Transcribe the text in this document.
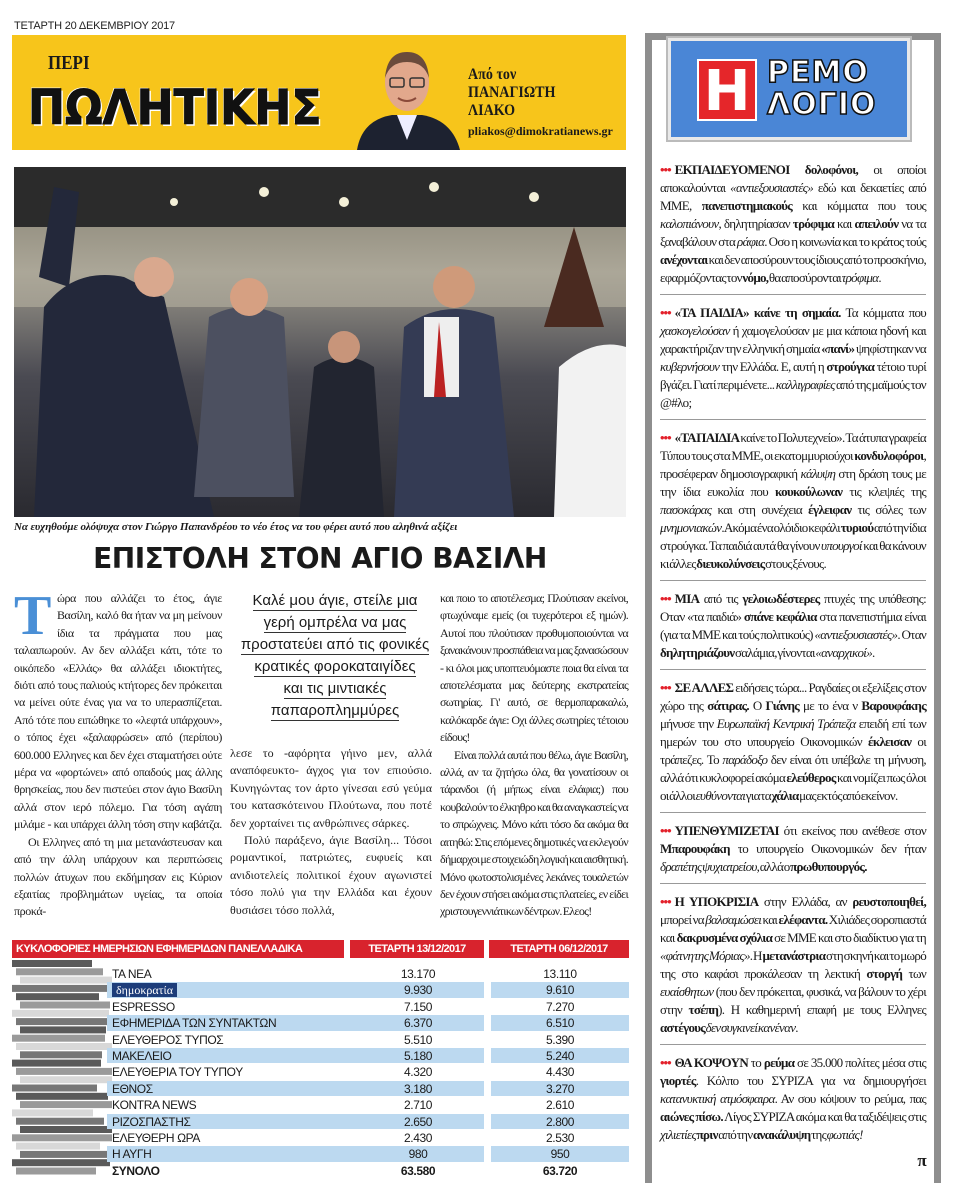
ΤΕΤΑΡΤΗ 20 ΔΕΚΕΜΒΡΙΟΥ 2017
ΠΕΡΙ
ΠΩΛΗΤΙΚΗΣ
Από τον
ΠΑΝΑΓΙΩΤΗ
ΛΙΑΚΟ
pliakos@dimokratianews.gr
Να ευχηθούμε ολόψυχα στον Γιώργο Παπανδρέου το νέο έτος να του φέρει αυτό που αληθινά αξίζει
ΕΠΙΣΤΟΛΗ ΣΤΟΝ ΑΓΙΟ ΒΑΣΙΛΗ

Τώρα που αλλάζει το έτος, άγιε Βασίλη, καλό θα ήταν να μη μείνουν ίδια τα πράγματα που μας ταλαιπωρούν. Αν δεν αλλάξει κάτι, τότε το οικόπεδο «Ελλάς» θα αλλάξει ιδιοκτήτες, διότι από τους παλιούς κτήτορες δεν πρόκειται να μείνει ούτε ένας για να το υπερασπίζεται. Από τότε που ειπώθηκε το «λεφτά υπάρχουν», ο τόπος έχει «ξαλαφρώσει» από (περίπου) 600.000 Ελληνες και δεν έχει σταματήσει ούτε μέρα να «φορτώνει» από οπαδούς μας άλλης θρησκείας, που δεν πιστεύει στον άγιο Βασίλη αλλά στον ιερό πόλεμο. Για τόση αγάπη μιλάμε - και υπάρχει άλλη τόση στην καβάτζα.

Οι Ελληνες από τη μια μετανάστευσαν και από την άλλη υπάρχουν και περιπτώσεις πολλών άτυχων που εκδήμησαν εις Κύριον εξαιτίας προβλημάτων υγείας, τα οποία προκά-

Καλέ μου άγιε, στείλε μια
γερή ομπρέλα να μας
προστατεύει από τις φονικές
κρατικές φοροκαταιγίδες
και τις μιντιακές
παπαροπλημμύρες

λεσε το -αφόρητα γήινο μεν, αλλά αναπόφευκτο- άγχος για τον επιούσιο. Κυνηγώντας τον άρτο γίνεσαι εσύ γεύμα του κατασκότεινου Πλούτωνα, που ποτέ δεν χορταίνει τις ανθρώπινες σάρκες.

Πολύ παράξενο, άγιε Βασίλη... Τόσοι ρομαντικοί, πατριώτες, ευφυείς και ανιδιοτελείς πολιτικοί έχουν αγωνιστεί τόσο πολύ για την Ελλάδα και έχουν θυσιάσει τόσο πολλά,

και ποιο το αποτέλεσμα; Πλούτισαν εκείνοι, φτωχύναμε εμείς (οι τυχερότεροι εξ ημών). Αυτοί που πλούτισαν προθυμοποιούνται να ξανακάνουν προσπάθεια να μας ξανασώσουν - κι όλοι μας υποπτευόμαστε ποια θα είναι τα αποτελέσματα μας δεύτερης εκστρατείας σωτηρίας. Γι' αυτό, σε θερμοπαρακαλώ, καλόκαρδε άγιε: Οχι άλλες σωτηρίες τέτοιου είδους!

Είναι πολλά αυτά που θέλω, άγιε Βασίλη, αλλά, αν τα ζητήσω όλα, θα γονατίσουν οι τάρανδοι (ή μήπως είναι ελάφια;) που κουβαλούν το έλκηθρο και θα αναγκαστείς να το σπρώχνεις. Μόνο κάτι τόσο δα ακόμα θα αιτηθώ: Στις επόμενες δημοτικές να εκλεγούν δήμαρχοι με στοιχειώδη λογική και αισθητική. Μόνο φωτοστολισμένες λεκάνες τουαλετών δεν έχουν στήσει ακόμα στις πλατείες, εν είδει χριστουγεννιάτικων δέντρων. Ελεος!

ΚΥΚΛΟΦΟΡΙΕΣ ΗΜΕΡΗΣΙΩΝ ΕΦΗΜΕΡΙΔΩΝ ΠΑΝΕΛΛΑΔΙΚΑ	ΤΕΤΑΡΤΗ 13/12/2017	ΤΕΤΑΡΤΗ 06/12/2017
ΤΑ ΝΕΑ	13.170	13.110
δημοκρατία	9.930	9.610
ESPRESSO	7.150	7.270
ΕΦΗΜΕΡΙΔΑ ΤΩΝ ΣΥΝΤΑΚΤΩΝ	6.370	6.510
ΕΛΕΥΘΕΡΟΣ ΤΥΠΟΣ	5.510	5.390
ΜΑΚΕΛΕΙΟ	5.180	5.240
ΕΛΕΥΘΕΡΙΑ ΤΟΥ ΤΥΠΟΥ	4.320	4.430
ΕΘΝΟΣ	3.180	3.270
KONTRA NEWS	2.710	2.610
ΡΙΖΟΣΠΑΣΤΗΣ	2.650	2.800
ΕΛΕΥΘΕΡΗ ΩΡΑ	2.430	2.530
Η ΑΥΓΗ	980	950
ΣΥΝΟΛΟ	63.580	63.720
Η ΡΕΜΟ
ΛΟΓΙΟ
••• ΕΚΠΑΙΔΕΥΟΜΕΝΟΙ δολοφόνοι, οι οποίοι αποκαλούνται «αντιεξουσιαστές» εδώ και δεκαετίες από ΜΜΕ, πανεπιστημιακούς και κόμματα που τους καλοπιάνουν, δηλητηρίασαν τρόφιμα και απειλούν να τα ξαναβάλουν στα ράφια. Οσο η κοινωνία και το κράτος τούς ανέχονται και δεν αποσύρουν τους ίδιους από το προσκήνιο, εφαρμόζοντας τον νόμο, θα αποσύρονται τρόφιμα.
••• «ΤΑ ΠΑΙΔΙΑ» καίνε τη σημαία. Τα κόμματα που χασκογελούσαν ή χαμογελούσαν με μια κάποια ηδονή και χαρακτήριζαν την ελληνική σημαία «πανί» ψηφίστηκαν να κυβερνήσουν την Ελλάδα. Ε, αυτή η στρούγκα τέτοιο τυρί βγάζει. Γιατί περιμένετε... καλλιγραφίες από της μαϊμούς τον @#λο;
••• «ΤΑ ΠΑΙΔΙΑ καίνε το Πολυτεχνείο». Τα άτυπα γραφεία Τύπου τους στα ΜΜΕ, οι εκατομμυριούχοι κονδυλοφόροι, προσέφεραν δημοσιογραφική κάλυψη στη δράση τους με την ίδια ευκολία που κουκούλωναν τις κλεψιές της πασοκάρας και στη συνέχεια έγλειφαν τις σόλες των μνημονιακών. Ακόμα ένα ολόιδιο κεφάλι τυριού από την ίδια στρούγκα. Τα παιδιά αυτά θα γίνουν υπουργοί και θα κάνουν κι άλλες διευκολύνσεις στους ξένους.
••• ΜΙΑ από τις γελοιωδέστερες πτυχές της υπόθεσης: Οταν «τα παιδιά» σπάνε κεφάλια στα πανεπιστήμια είναι (για τα ΜΜΕ και τούς πολιτικούς) «αντιεξουσιαστές». Οταν δηλητηριάζουν σαλάμια, γίνονται «αναρχικοί».
••• ΣΕ ΑΛΛΕΣ ειδήσεις τώρα... Ραγδαίες οι εξελίξεις στον χώρο της σάτιρας. Ο Γιάνης με το ένα ν Βαρουφάκης μήνυσε την Ευρωπαϊκή Κεντρική Τράπεζα επειδή επί των ημερών του στο υπουργείο Οικονομικών έκλεισαν οι τράπεζες. Το παράδοξο δεν είναι ότι υπέβαλε τη μήνυση, αλλά ότι κυκλοφορεί ακόμα ελεύθερος και νομίζει πως όλοι οι άλλοι ευθύνονται για τα χάλια μας εκτός από εκείνον.
••• ΥΠΕΝΘΥΜΙΖΕΤΑΙ ότι εκείνος που ανέθεσε στον Μπαρουφάκη το υπουργείο Οικονομικών δεν ήταν δραπέτης ψυχιατρείου, αλλά ο πρωθυπουργός.
••• Η ΥΠΟΚΡΙΣΙΑ στην Ελλάδα, αν ρευστοποιηθεί, μπορεί να βαλσαμώσει και ελέφαντα. Χιλιάδες σοροπιαστά και δακρυσμένα σχόλια σε ΜΜΕ και στο διαδίκτυο για τη «φάτνη της Μόριας». Η μετανάστρια στη σκηνή και το μωρό της στο καφάσι προκάλεσαν τη λεκτική στοργή των ευαίσθητων (που δεν πρόκειται, φυσικά, να βάλουν το χέρι στην τσέπη). Η καθημερινή επαφή με τους Ελληνες αστέγους δεν συγκινεί κανέναν.
••• ΘΑ ΚΟΨΟΥΝ το ρεύμα σε 35.000 πολίτες μέσα στις γιορτές. Κόλπο του ΣΥΡΙΖΑ για να δημιουργήσει κατανυκτική ατμόσφαιρα. Αν σου κόψουν το ρεύμα, πας αιώνες πίσω. Λίγος ΣΥΡΙΖΑ ακόμα και θα ταξιδέψεις στις χιλιετίες πριν από την ανακάλυψη της φωτιάς!
π
